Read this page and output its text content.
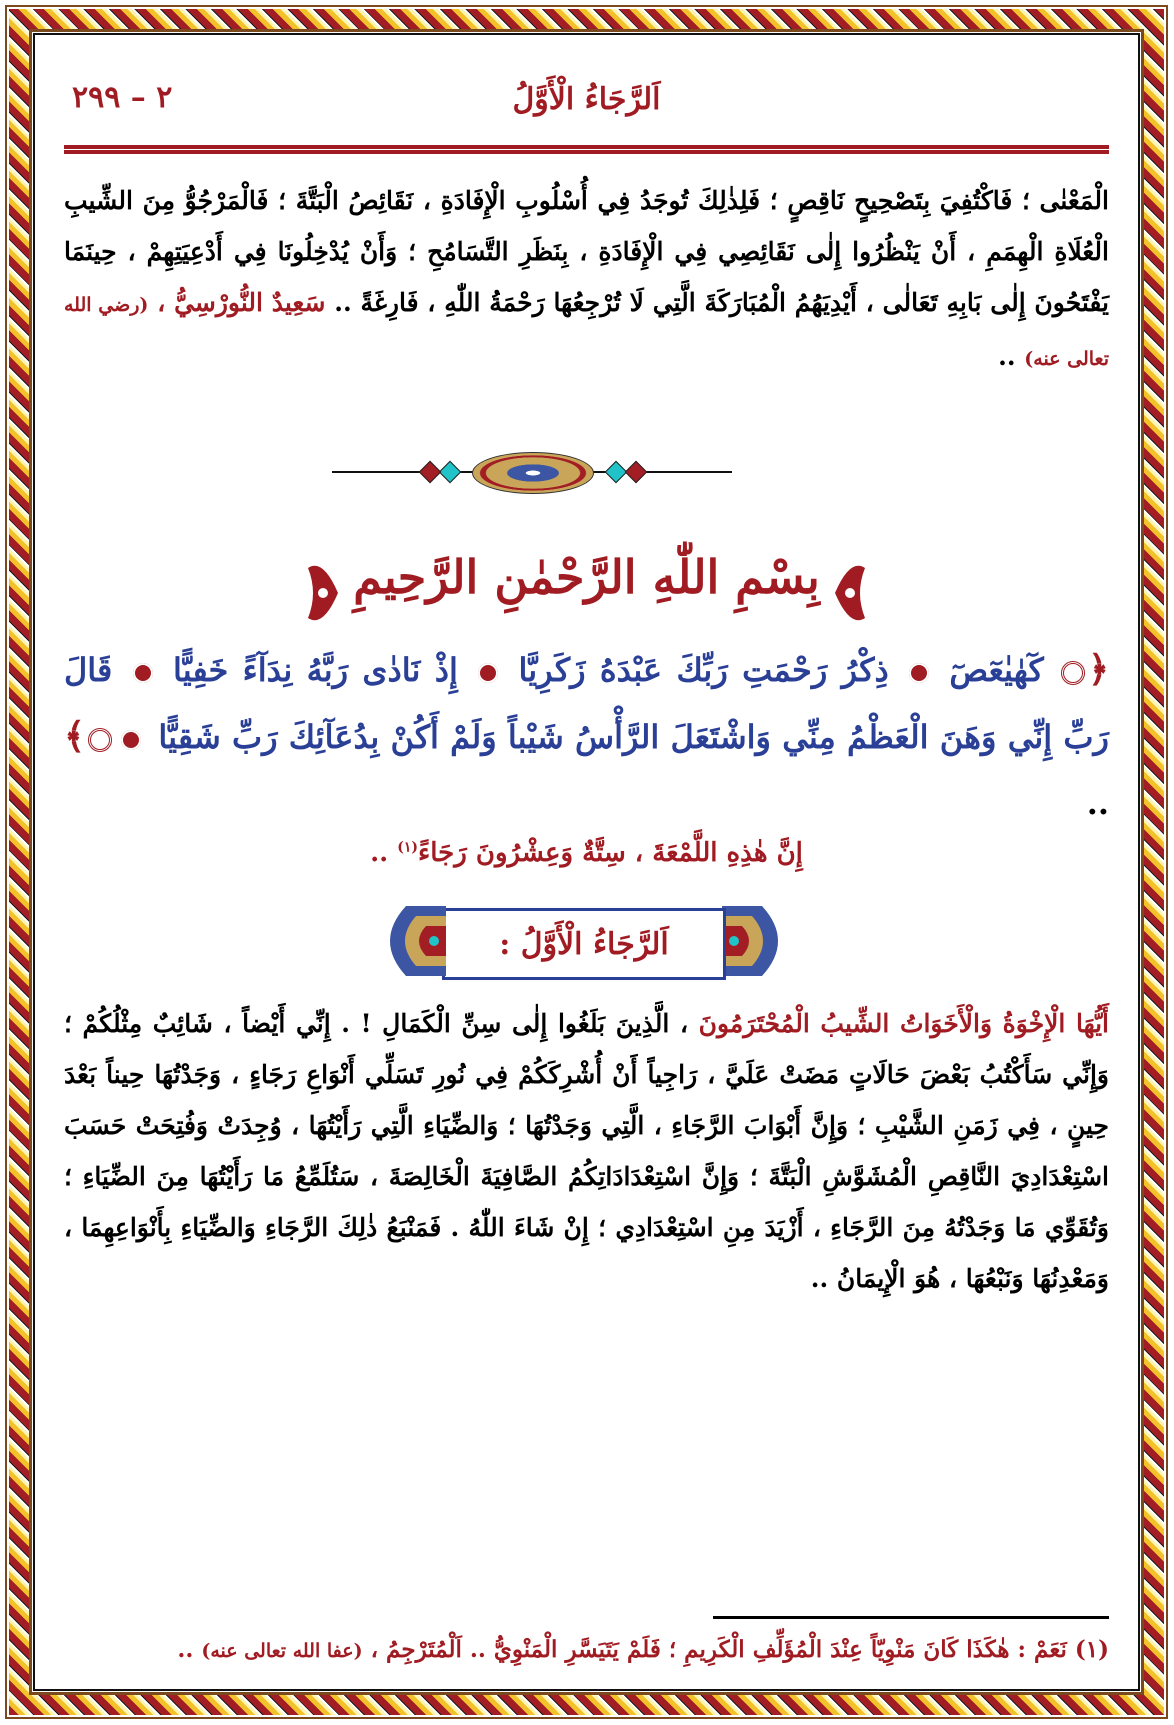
اَلرَّجَاءُ الْأَوَّلُ
٢ – ٢٩٩
الْمَعْنٰى ؛ فَاكْتُفِيَ بِتَصْحِيحٍ نَاقِصٍ ؛ فَلِذٰلِكَ تُوجَدُ فِي أُسْلُوبِ الْإِفَادَةِ ، نَقَائِصُ الْبَتَّةَ ؛ فَالْمَرْجُوُّ مِنَ الشِّيبِ الْعُلَاةِ الْهِمَمِ ، أَنْ يَنْظُرُوا إِلٰى نَقَائِصِي فِي الْإِفَادَةِ ، بِنَظَرِ التَّسَامُحِ ؛ وَأَنْ يُدْخِلُونَا فِي أَدْعِيَتِهِمْ ، حِينَمَا يَفْتَحُونَ إِلٰى بَابِهِ تَعَالٰى ، أَيْدِيَهُمُ الْمُبَارَكَةَ الَّتِي لَا تُرْجِعُهَا رَحْمَةُ اللّٰهِ ، فَارِغَةً .. سَعِيدٌ النُّورْسِيُّ ، (رضي الله تعالى عنه) ..
بِسْمِ اللّٰهِ الرَّحْمٰنِ الرَّحِيمِ
﴿ كٓهٰيٰعٓصٓ  ذِكْرُ رَحْمَتِ رَبِّكَ عَبْدَهُ زَكَرِيَّا  إِذْ نَادٰى رَبَّهُ نِدَآءً خَفِيًّا  قَالَ رَبِّ إِنِّي وَهَنَ الْعَظْمُ مِنِّي وَاشْتَعَلَ الرَّأْسُ شَيْباً وَلَمْ أَكُنْ بِدُعَآئِكَ رَبِّ شَقِيًّا ﴾ ..
إِنَّ هٰذِهِ اللَّمْعَةَ ، سِتَّةٌ وَعِشْرُونَ رَجَاءً$^{(١)}$ ..
اَلرَّجَاءُ الْأَوَّلُ :
أَيُّهَا الْإِخْوَةُ وَالْأَخَوَاتُ الشِّيبُ الْمُحْتَرَمُونَ ، الَّذِينَ بَلَغُوا إِلٰى سِنِّ الْكَمَالِ ! . إِنِّي أَيْضاً ، شَائِبٌ مِثْلُكُمْ ؛ وَإِنِّي سَأَكْتُبُ بَعْضَ حَالَاتٍ مَضَتْ عَلَيَّ ، رَاجِياً أَنْ أُشْرِكَكُمْ فِي نُورِ تَسَلِّي أَنْوَاعِ رَجَاءٍ ، وَجَدْتُهَا حِيناً بَعْدَ حِينٍ ، فِي زَمَنِ الشَّيْبِ ؛ وَإِنَّ أَبْوَابَ الرَّجَاءِ ، الَّتِي وَجَدْتُهَا ؛ وَالضِّيَاءِ الَّتِي رَأَيْتُهَا ، وُجِدَتْ وَفُتِحَتْ حَسَبَ اسْتِعْدَادِيَ النَّاقِصِ الْمُشَوَّشِ الْبَتَّةَ ؛ وَإِنَّ اسْتِعْدَادَاتِكُمُ الصَّافِيَةَ الْخَالِصَةَ ، سَتُلَمِّعُ مَا رَأَيْتُهَا مِنَ الضِّيَاءِ ؛ وَتُقَوِّي مَا وَجَدْتُهُ مِنَ الرَّجَاءِ ، أَزْيَدَ مِنِ اسْتِعْدَادِي ؛ إِنْ شَاءَ اللّٰهُ . فَمَنْبَعُ ذٰلِكَ الرَّجَاءِ وَالضِّيَاءِ بِأَنْوَاعِهِمَا ، وَمَعْدِنُهَا وَنَبْعُهَا ، هُوَ الْإِيمَانُ ..
(١) نَعَمْ : هٰكَذَا كَانَ مَنْوِيّاً عِنْدَ الْمُؤَلِّفِ الْكَرِيمِ ؛ فَلَمْ يَتَيَسَّرِ الْمَنْوِيُّ .. اَلْمُتَرْجِمُ ، (عفا الله تعالى عنه) ..
